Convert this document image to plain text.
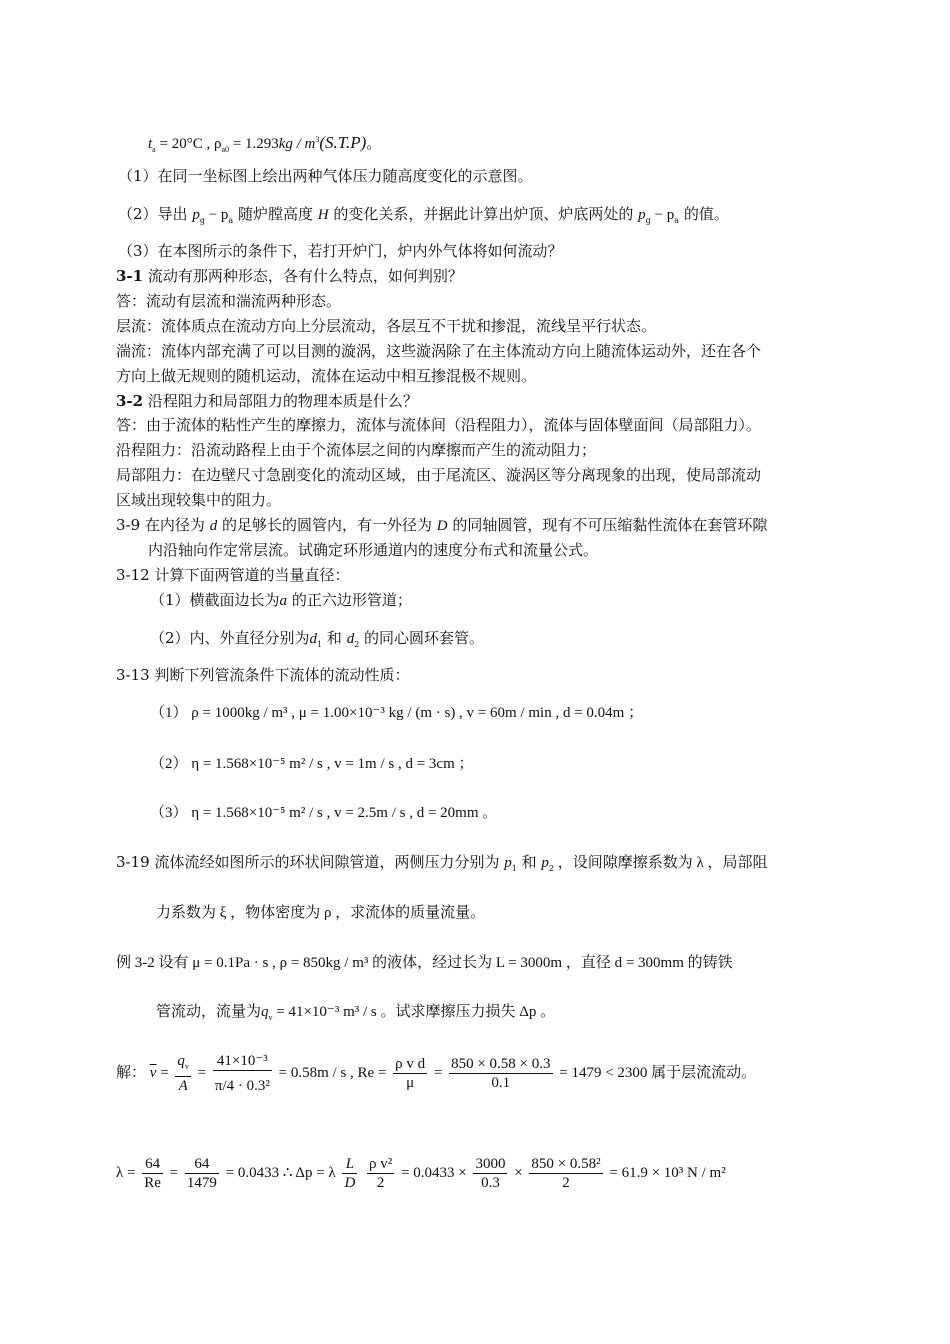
$t_a = 20^\circ C$ , $\rho_{a0} = 1.293kg / m^3(S.T.P)$。
（1）在同一坐标图上绘出两种气体压力随高度变化的示意图。
（2）导出 $p_g - p_a$ 随炉膛高度 H 的变化关系，并据此计算出炉顶、炉底两处的 $p_g - p_a$ 的值。
（3）在本图所示的条件下，若打开炉门，炉内外气体将如何流动？
3-1 流动有那两种形态，各有什么特点，如何判别？
答：流动有层流和湍流两种形态。
层流：流体质点在流动方向上分层流动，各层互不干扰和掺混，流线呈平行状态。
湍流：流体内部充满了可以目测的漩涡，这些漩涡除了在主体流动方向上随流体运动外，还在各个
方向上做无规则的随机运动，流体在运动中相互掺混极不规则。
3-2 沿程阻力和局部阻力的物理本质是什么？
答：由于流体的粘性产生的摩擦力，流体与流体间（沿程阻力），流体与固体壁面间（局部阻力）。
沿程阻力：沿流动路程上由于个流体层之间的内摩擦而产生的流动阻力；
局部阻力：在边壁尺寸急剧变化的流动区域，由于尾流区、漩涡区等分离现象的出现，使局部流动
区域出现较集中的阻力。
3-9 在内径为 d 的足够长的圆管内，有一外径为 D 的同轴圆管，现有不可压缩黏性流体在套管环隙
内沿轴向作定常层流。试确定环形通道内的速度分布式和流量公式。
3-12 计算下面两管道的当量直径：
（1）横截面边长为a 的正六边形管道；
（2）内、外直径分别为$d_1$ 和 $d_2$ 的同心圆环套管。
3-13 判断下列管流条件下流体的流动性质：
（1） ρ = 1000kg / m³ , μ = 1.00×10⁻³ kg / (m · s) , v = 60m / min , d = 0.04m ；
（2） η = 1.568×10⁻⁵ m² / s , v = 1m / s , d = 3cm ；
（3） η = 1.568×10⁻⁵ m² / s , v = 2.5m / s , d = 20mm 。
3-19 流体流经如图所示的环状间隙管道，两侧压力分别为 $p_1$ 和 $p_2$ ，设间隙摩擦系数为 λ ，局部阻
力系数为 ξ ，物体密度为 ρ ，求流体的质量流量。
例 3-2 设有 μ = 0.1Pa · s , ρ = 850kg / m³ 的液体，经过长为 L = 3000m ，直径 d = 300mm 的铸铁
管流动，流量为$q_v = 41\times 10^{-3}$ m³ / s 。试求摩擦压力损失 Δp 。
解： $\overline{v} = \frac{q_v}{A} = \frac{\text{41×10⁻³}}{\text{π/4 · 0.3²}} = 0.58m / s$ , $Re = \frac{\text{ρ v d}}{\mu} = \frac{850 \times 0.58 \times 0.3}{0.1} = 1479 < 2300$ 属于层流流动。
$\lambda = \frac{64}{Re} = \frac{64}{1479} = 0.0433$ ∴ Δp = λ $\frac{L}{D}$
$\frac{\text{ρ v²}}{2} = 0.0433 \times \frac{3000}{0.3} \times \frac{\text{850 × 0.58²}}{2} = 61.9 \times 10^3$ N / m²
